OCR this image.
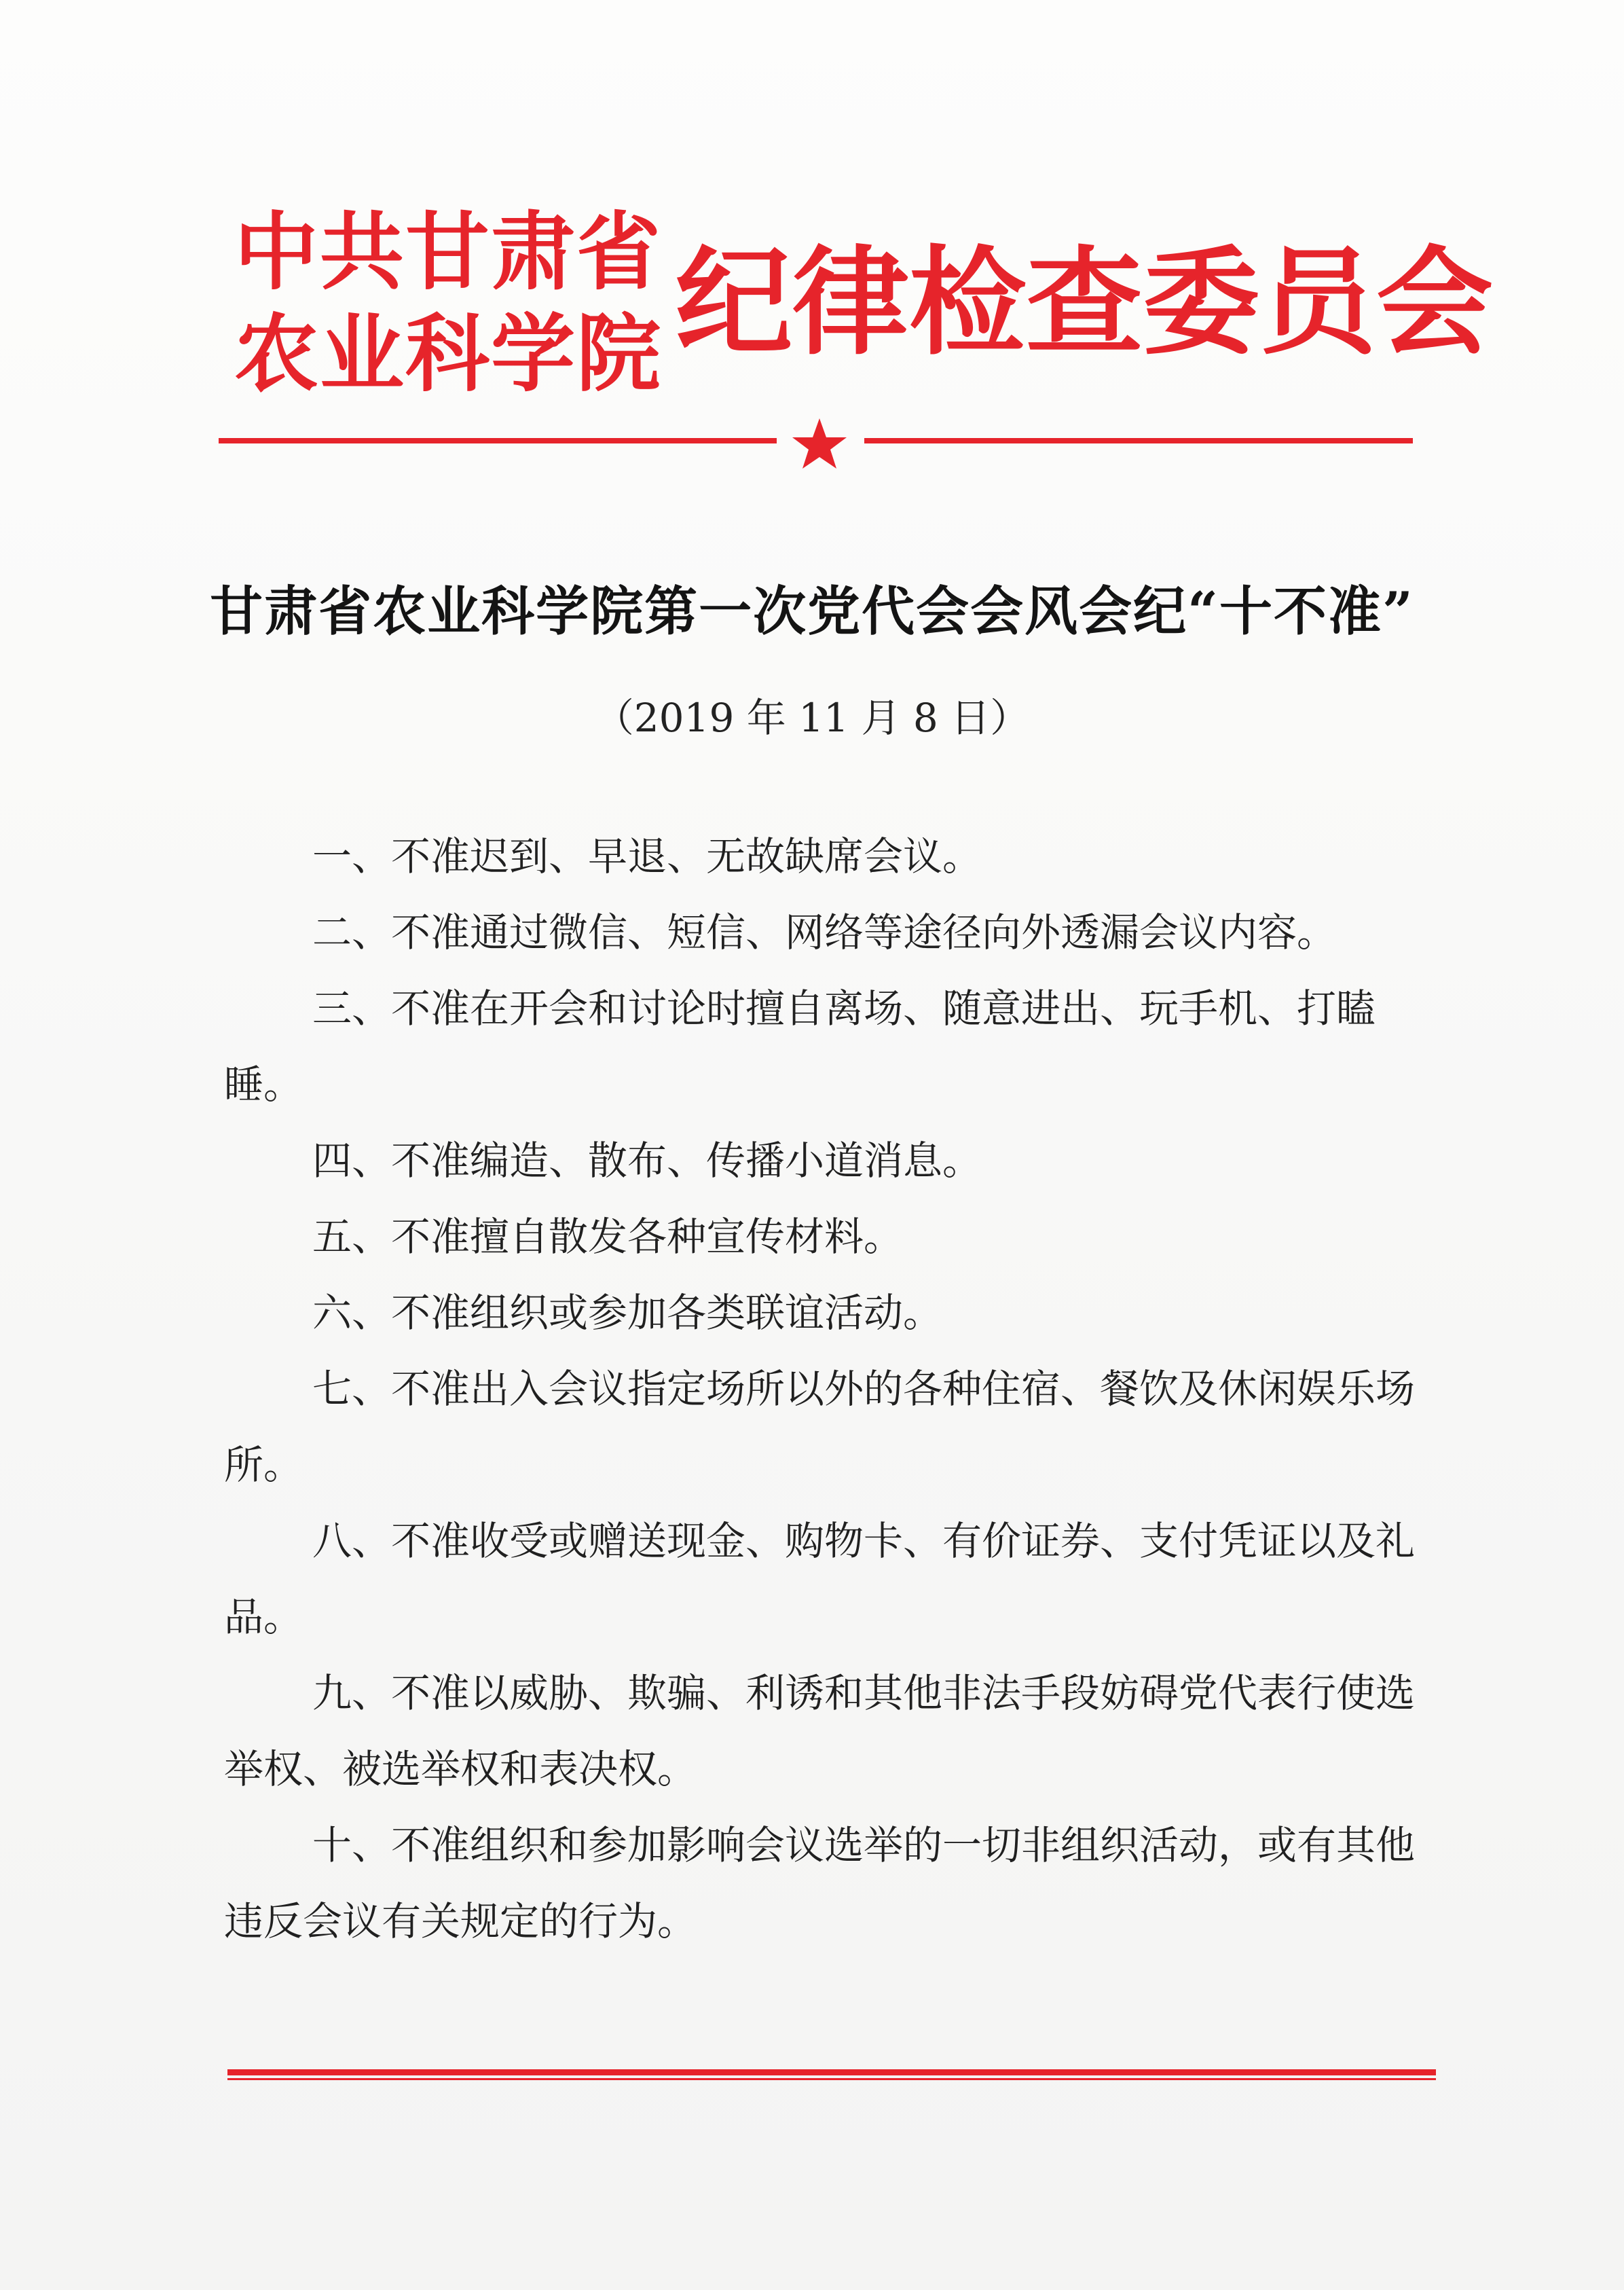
中共甘肃省
农业科学院 纪律检查委员会
甘肃省农业科学院第一次党代会会风会纪“十不准”
（2019 年 11 月 8 日）

一、不准迟到、早退、无故缺席会议。

二、不准通过微信、短信、网络等途径向外透漏会议内容。

三、不准在开会和讨论时擅自离场、随意进出、玩手机、打瞌睡。

四、不准编造、散布、传播小道消息。

五、不准擅自散发各种宣传材料。

六、不准组织或参加各类联谊活动。

七、不准出入会议指定场所以外的各种住宿、餐饮及休闲娱乐场所。

八、不准收受或赠送现金、购物卡、有价证券、支付凭证以及礼品。

九、不准以威胁、欺骗、利诱和其他非法手段妨碍党代表行使选举权、被选举权和表决权。

十、不准组织和参加影响会议选举的一切非组织活动，或有其他违反会议有关规定的行为。
